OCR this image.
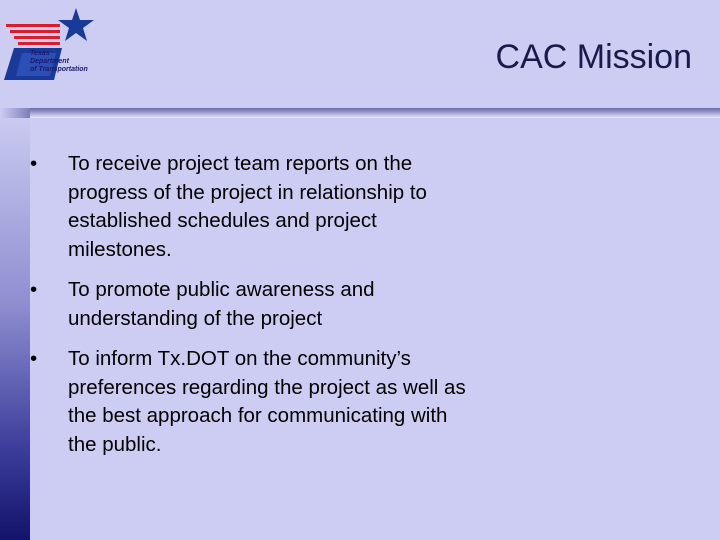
Texas
Department
of Transportation	CAC Mission
•	To receive project team reports on the progress of the project in relationship to established schedules and project milestones.
•	To promote public awareness and understanding of the project
•	To inform Tx.DOT on the community’s preferences regarding the project as well as the best approach for communicating with the public.
